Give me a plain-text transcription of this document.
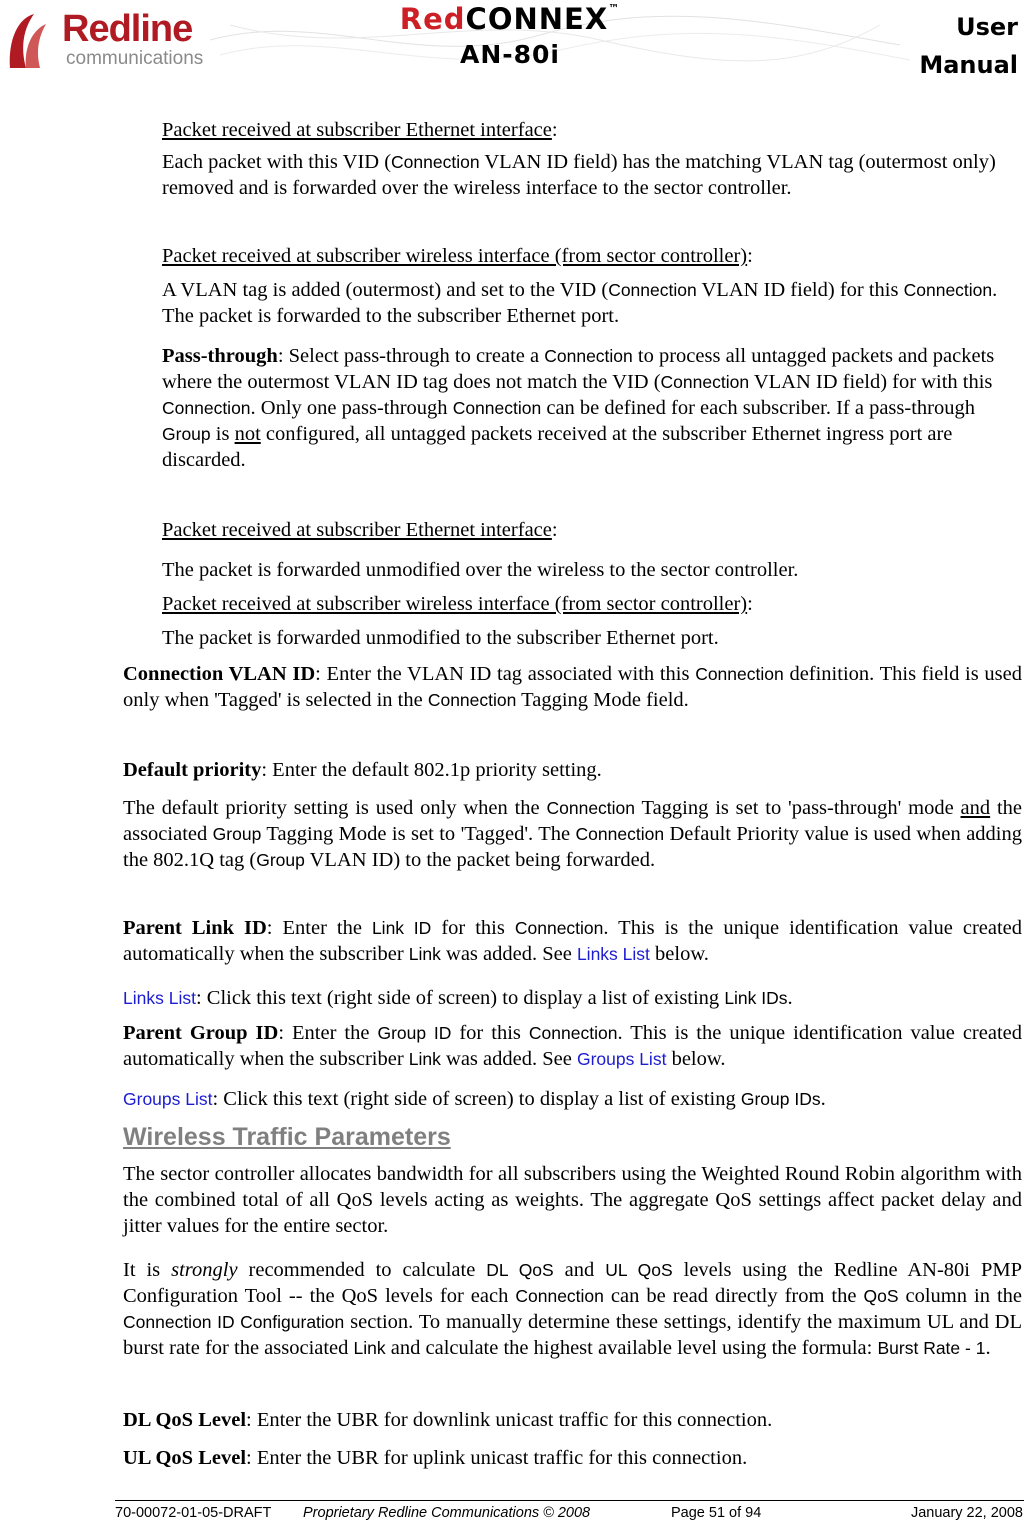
Redline
communications
RedCONNEX™
AN-80i
User
Manual

Packet received at subscriber Ethernet interface:

Each packet with this VID (Connection VLAN ID field) has the matching VLAN tag (outermost only) removed and is forwarded over the wireless interface to the sector controller.

Packet received at subscriber wireless interface (from sector controller):

A VLAN tag is added (outermost) and set to the VID (Connection VLAN ID field) for this Connection. The packet is forwarded to the subscriber Ethernet port.

Pass-through: Select pass-through to create a Connection to process all untagged packets and packets where the outermost VLAN ID tag does not match the VID (Connection VLAN ID field) for with this Connection. Only one pass-through Connection can be defined for each subscriber. If a pass-through Group is not configured, all untagged packets received at the subscriber Ethernet ingress port are discarded.

Packet received at subscriber Ethernet interface:

The packet is forwarded unmodified over the wireless to the sector controller.

Packet received at subscriber wireless interface (from sector controller):

The packet is forwarded unmodified to the subscriber Ethernet port.

Connection VLAN ID: Enter the VLAN ID tag associated with this Connection definition. This field is used only when 'Tagged' is selected in the Connection Tagging Mode field.

Default priority: Enter the default 802.1p priority setting.

The default priority setting is used only when the Connection Tagging is set to 'pass-through' mode and the associated Group Tagging Mode is set to 'Tagged'. The Connection Default Priority value is used when adding the 802.1Q tag (Group VLAN ID) to the packet being forwarded.

Parent Link ID: Enter the Link ID for this Connection. This is the unique identification value created automatically when the subscriber Link was added. See Links List below.

Links List: Click this text (right side of screen) to display a list of existing Link IDs.

Parent Group ID: Enter the Group ID for this Connection. This is the unique identification value created automatically when the subscriber Link was added. See Groups List below.

Groups List: Click this text (right side of screen) to display a list of existing Group IDs.

Wireless Traffic Parameters

The sector controller allocates bandwidth for all subscribers using the Weighted Round Robin algorithm with the combined total of all QoS levels acting as weights. The aggregate QoS settings affect packet delay and jitter values for the entire sector.

It is strongly recommended to calculate DL QoS and UL QoS levels using the Redline AN-80i PMP Configuration Tool -- the QoS levels for each Connection can be read directly from the QoS column in the Connection ID Configuration section. To manually determine these settings, identify the maximum UL and DL burst rate for the associated Link and calculate the highest available level using the formula: Burst Rate - 1.

DL QoS Level: Enter the UBR for downlink unicast traffic for this connection.

UL QoS Level: Enter the UBR for uplink unicast traffic for this connection.

70-00072-01-05-DRAFT Proprietary Redline Communications © 2008	Page 51 of 94	January 22, 2008
